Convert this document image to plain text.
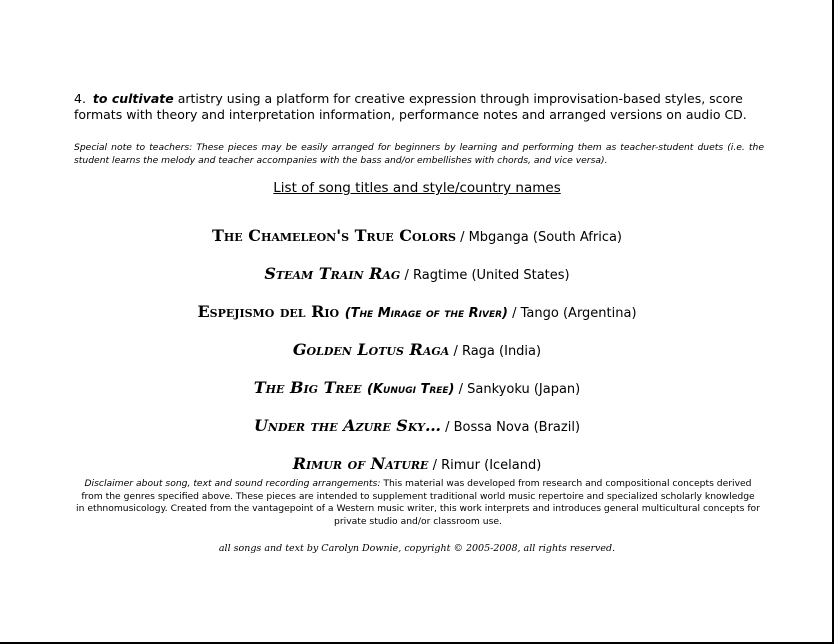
4. to cultivate artistry using a platform for creative expression through improvisation-based styles, score formats with theory and interpretation information, performance notes and arranged versions on audio CD.

Special note to teachers: These pieces may be easily arranged for beginners by learning and performing them as teacher-student duets (i.e. the student learns the melody and teacher accompanies with the bass and/or embellishes with chords, and vice versa).

List of song titles and style/country names
The Chameleon's True Colors / Mbganga (South Africa)
Steam Train Rag / Ragtime (United States)
Espejismo del Rio (The Mirage of the River) / Tango (Argentina)
Golden Lotus Raga / Raga (India)
The Big Tree (Kunugi Tree) / Sankyoku (Japan)
Under the Azure Sky… / Bossa Nova (Brazil)
Rimur of Nature / Rimur (Iceland)

Disclaimer about song, text and sound recording arrangements: This material was developed from research and compositional concepts derived from the genres specified above. These pieces are intended to supplement traditional world music repertoire and specialized scholarly knowledge in ethnomusicology. Created from the vantagepoint of a Western music writer, this work interprets and introduces general multicultural concepts for private studio and/or classroom use.

all songs and text by Carolyn Downie, copyright © 2005-2008, all rights reserved.
